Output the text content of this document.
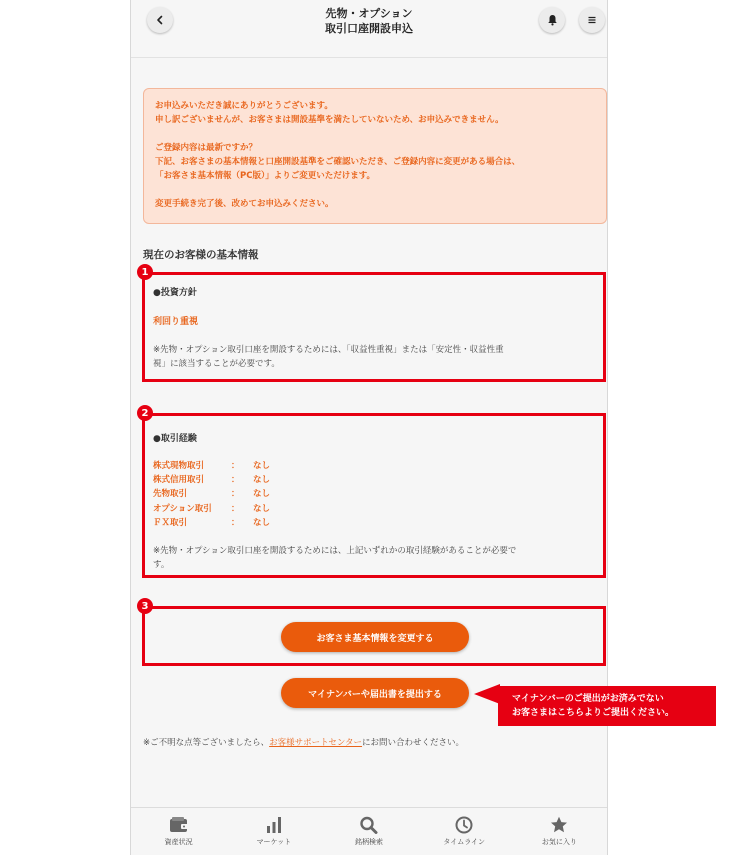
先物・オプション
取引口座開設申込

お申込みいただき誠にありがとうございます。

申し訳ございませんが、お客さまは開設基準を満たしていないため、お申込みできません。

ご登録内容は最新ですか？

下記、お客さまの基本情報と口座開設基準をご確認いただき、ご登録内容に変更がある場合は、

「お客さま基本情報（PC版）」よりご変更いただけます。

変更手続き完了後、改めてお申込みください。

現在のお客様の基本情報
●投資方針
利回り重視
※先物・オプション取引口座を開設するためには、「収益性重視」または「安定性・収益性重
視」に該当することが必要です。
●取引経験
株式現物取引	：	なし
株式信用取引	：	なし
先物取引	：	なし
オプション取引	：	なし
ＦＸ取引	：	なし
※先物・オプション取引口座を開設するためには、上記いずれかの取引経験があることが必要で
す。
お客さま基本情報を変更する
マイナンバーや届出書を提出する
※ご不明な点等ございましたら、お客様サポートセンターにお問い合わせください。
資産状況	マーケット	銘柄検索	タイムライン	お気に入り
1
2
3
マイナンバーのご提出がお済みでない
お客さまはこちらよりご提出ください。
